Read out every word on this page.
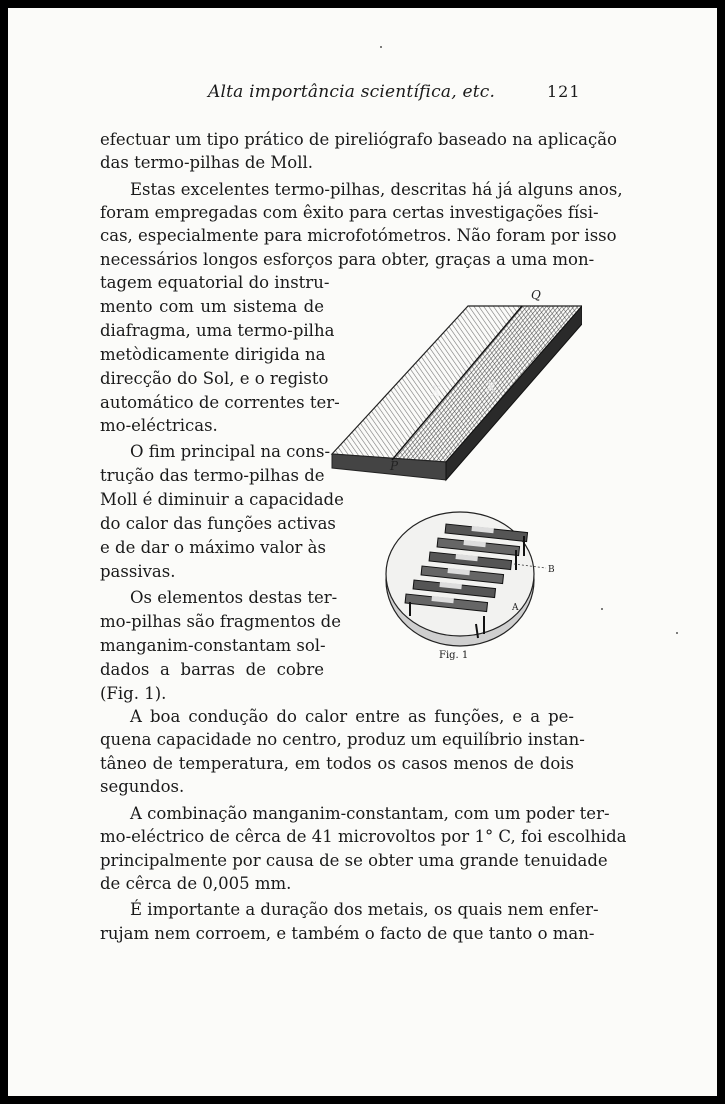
Alta importância scientífica, etc.	121
efectuar um tipo prático de pireliógrafo baseado na aplicação
das termo-pilhas de Moll.
Estas excelentes termo-pilhas, descritas há já alguns anos,
foram empregadas com êxito para certas investigações físi-
cas, especialmente para microfotómetros. Não foram por isso
necessários longos esforços para obter, graças a uma mon-
tagem equatorial do instru-
mento com um sistema de
diafragma, uma termo-pilha
metòdicamente dirigida na
direcção do Sol, e o registo
automático de correntes ter-
mo-eléctricas.
O fim principal na cons-
trução das termo-pilhas de
Moll é diminuir a capacidade
do calor das funções activas
e de dar o máximo valor às
passivas.
Os elementos destas ter-
mo-pilhas são fragmentos de
manganim-constantam sol-
dados a barras de cobre
(Fig. 1).
A boa condução do calor entre as funções, e a pe-
quena capacidade no centro, produz um equilíbrio instan-
tâneo de temperatura, em todos os casos menos de dois
segundos.
A combinação manganim-constantam, com um poder ter-
mo-eléctrico de cêrca de 41 microvoltos por 1° C, foi escolhida
principalmente por causa de se obter uma grande tenuidade
de cêrca de 0,005 mm.
É importante a duração dos metais, os quais nem enfer-
rujam nem corroem, e também o facto de que tanto o man-
Q
X	X
P
B
A
Fig. 1
